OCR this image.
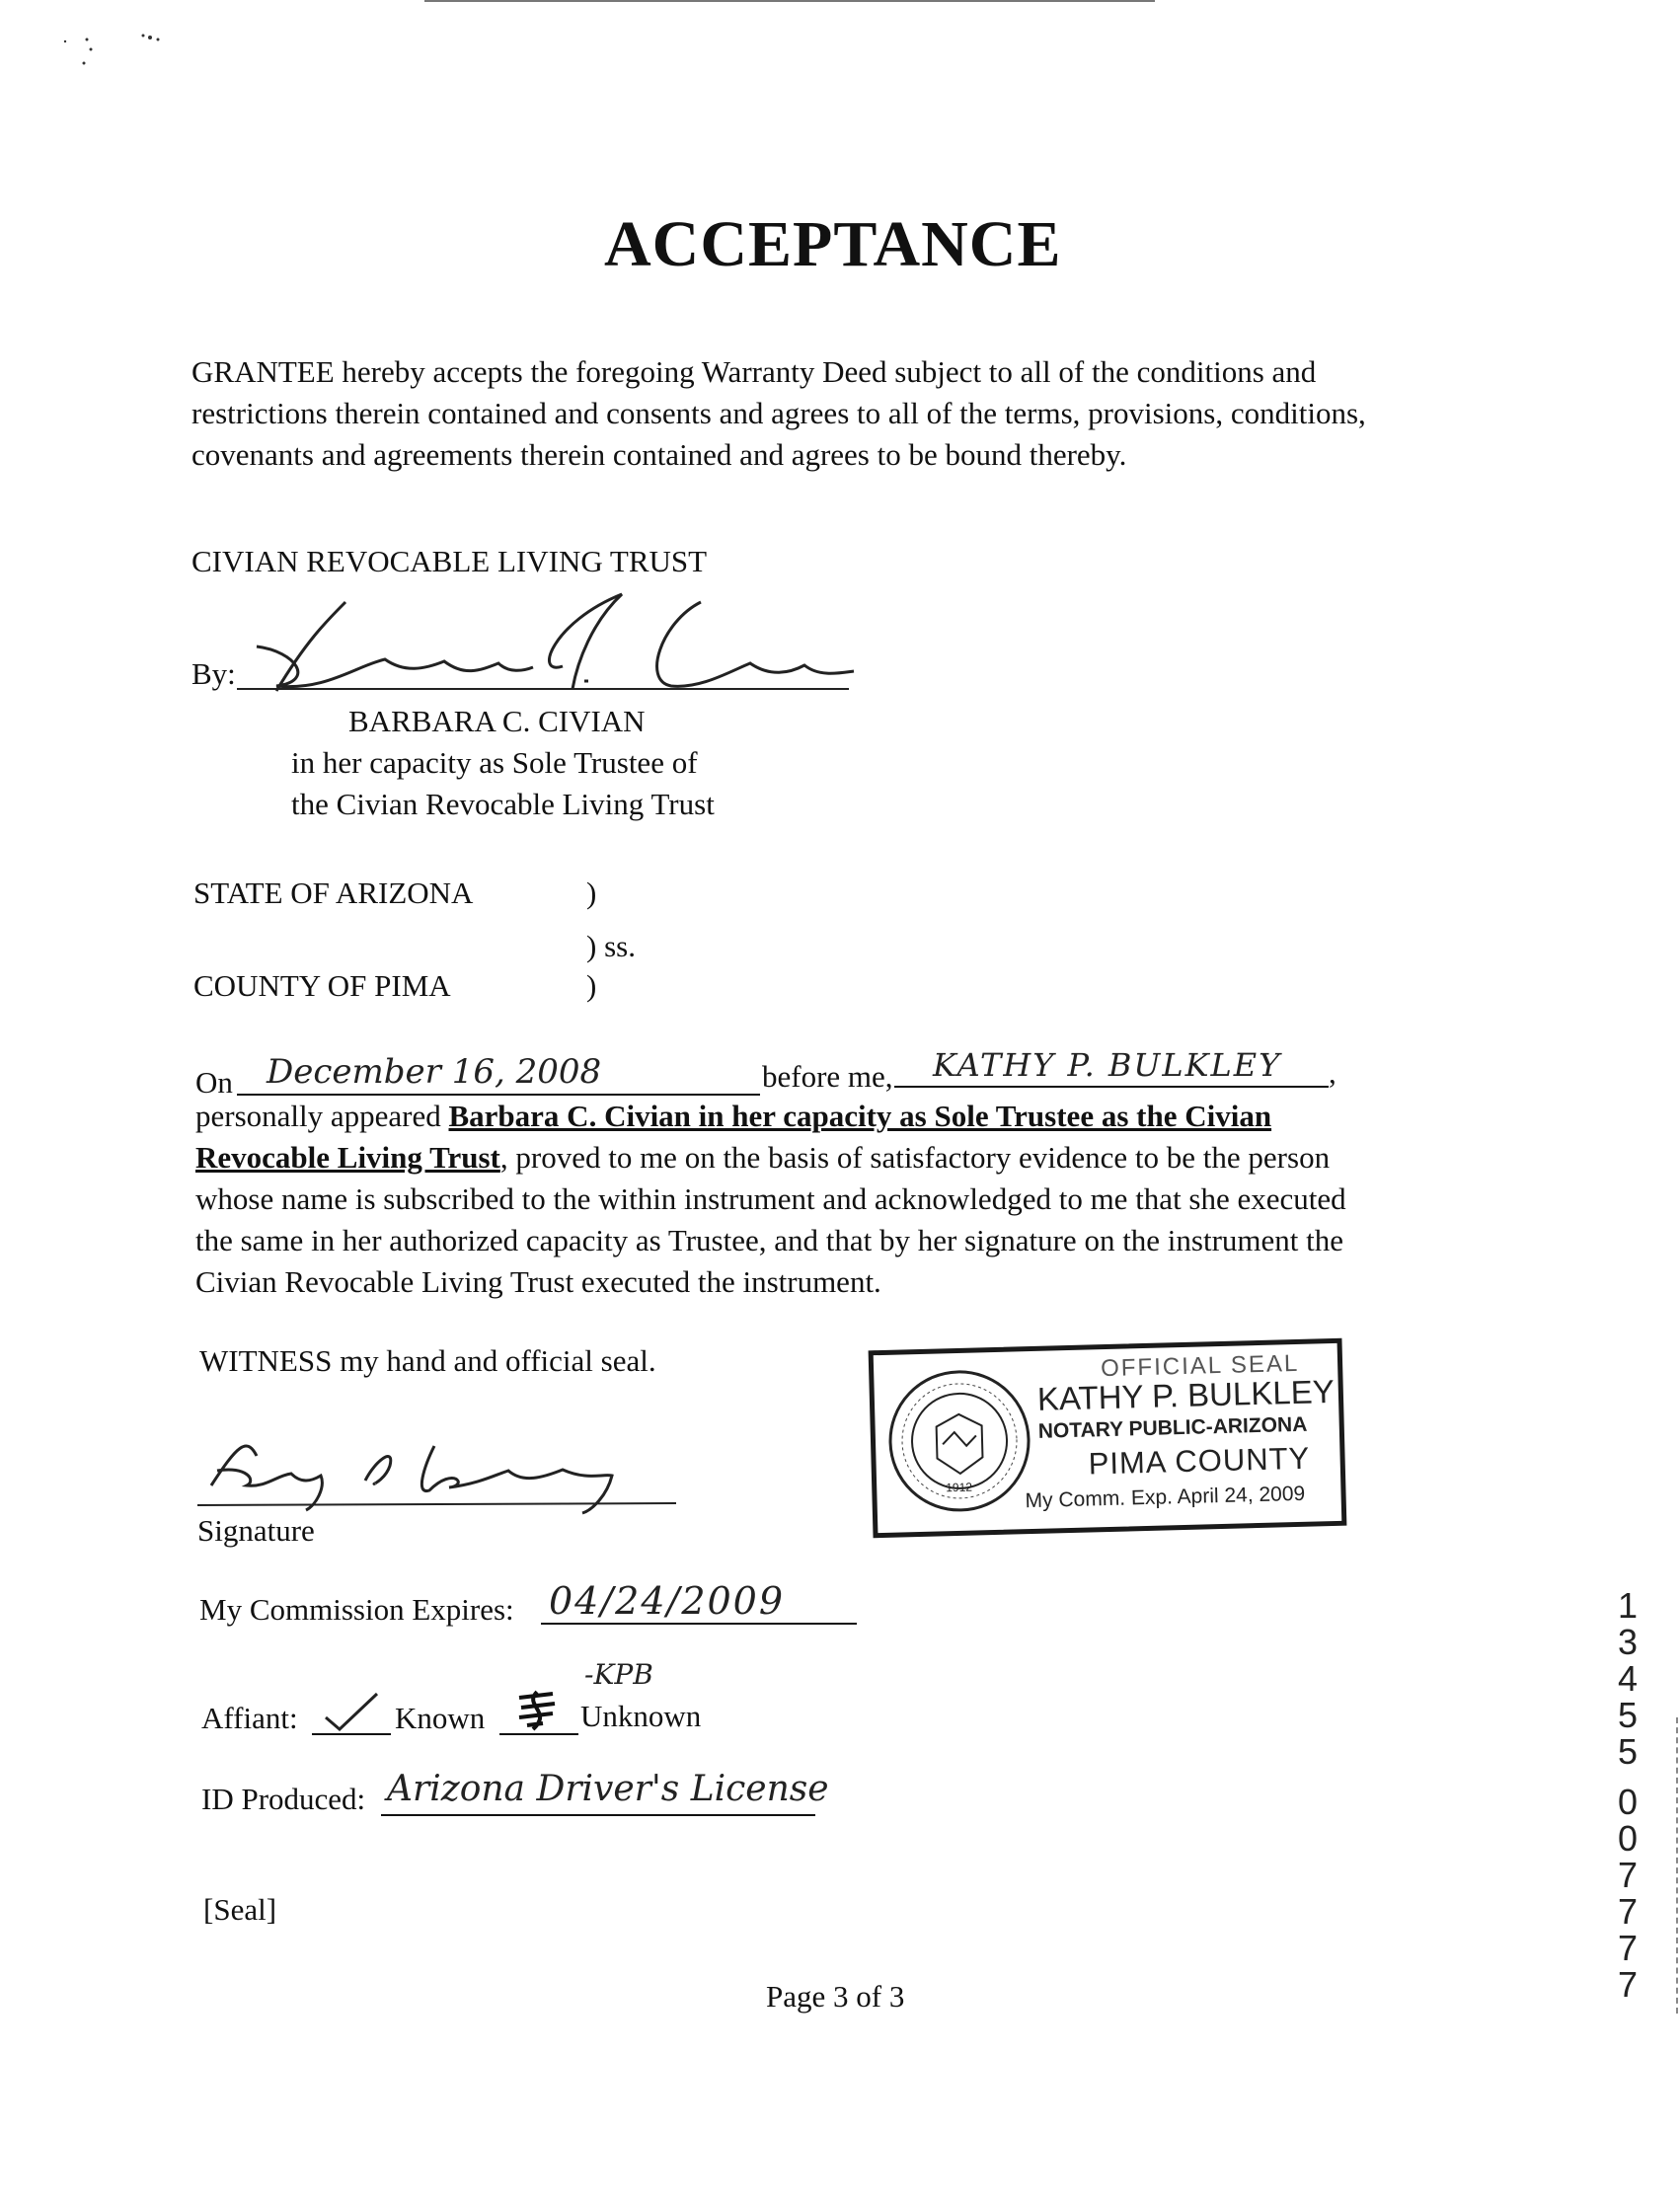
ACCEPTANCE
GRANTEE hereby accepts the foregoing Warranty Deed subject to all of the conditions and
restrictions therein contained and consents and agrees to all of the terms, provisions, conditions,
covenants and agreements therein contained and agrees to be bound thereby.
CIVIAN REVOCABLE LIVING TRUST
By:
BARBARA C. CIVIAN
in her capacity as Sole Trustee of
the Civian Revocable Living Trust
STATE OF ARIZONA	)
) ss.
COUNTY OF PIMA	)
On December 16, 2008	before me, KATHY P. BULKLEY ,
personally appeared Barbara C. Civian in her capacity as Sole Trustee as the Civian
Revocable Living Trust, proved to me on the basis of satisfactory evidence to be the person
whose name is subscribed to the within instrument and acknowledged to me that she executed
the same in her authorized capacity as Trustee, and that by her signature on the instrument the
Civian Revocable Living Trust executed the instrument.
WITNESS my hand and official seal.
1912
OFFICIAL SEAL
KATHY P. BULKLEY
NOTARY PUBLIC-ARIZONA
PIMA COUNTY
My Comm. Exp. April 24, 2009
Signature
My Commission Expires: 04/24/2009
Affiant:	Known
-KPB
Unknown
ID Produced: Arizona Driver's License
[Seal]
Page 3 of 3
1
3
4
5
5
0
0
7
7
7
7
